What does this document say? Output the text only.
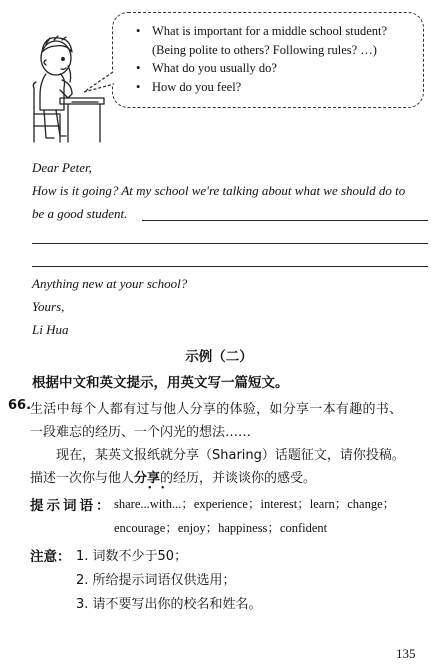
• What is important for a middle school student?
(Being polite to others? Following rules? …)
• What do you usually do?
• How do you feel?
Dear Peter,
How is it going? At my school we're talking about what we should do to
be a good student.
Anything new at your school?
Yours,
Li Hua
示例（二）
根据中文和英文提示，用英文写一篇短文。
66.
生活中每个人都有过与他人分享的体验，如分享一本有趣的书、
一段难忘的经历、一个闪光的想法……
现在，某英文报纸就分享（Sharing）话题征文，请你投稿。
描述一次你与他人分享的经历，并谈谈你的感受。
• •
提示词语： share...with...；experience；interest；learn；change；
encourage；enjoy；happiness；confident
注意： 1. 词数不少于50；
2. 所给提示词语仅供选用；
3. 请不要写出你的校名和姓名。
135
